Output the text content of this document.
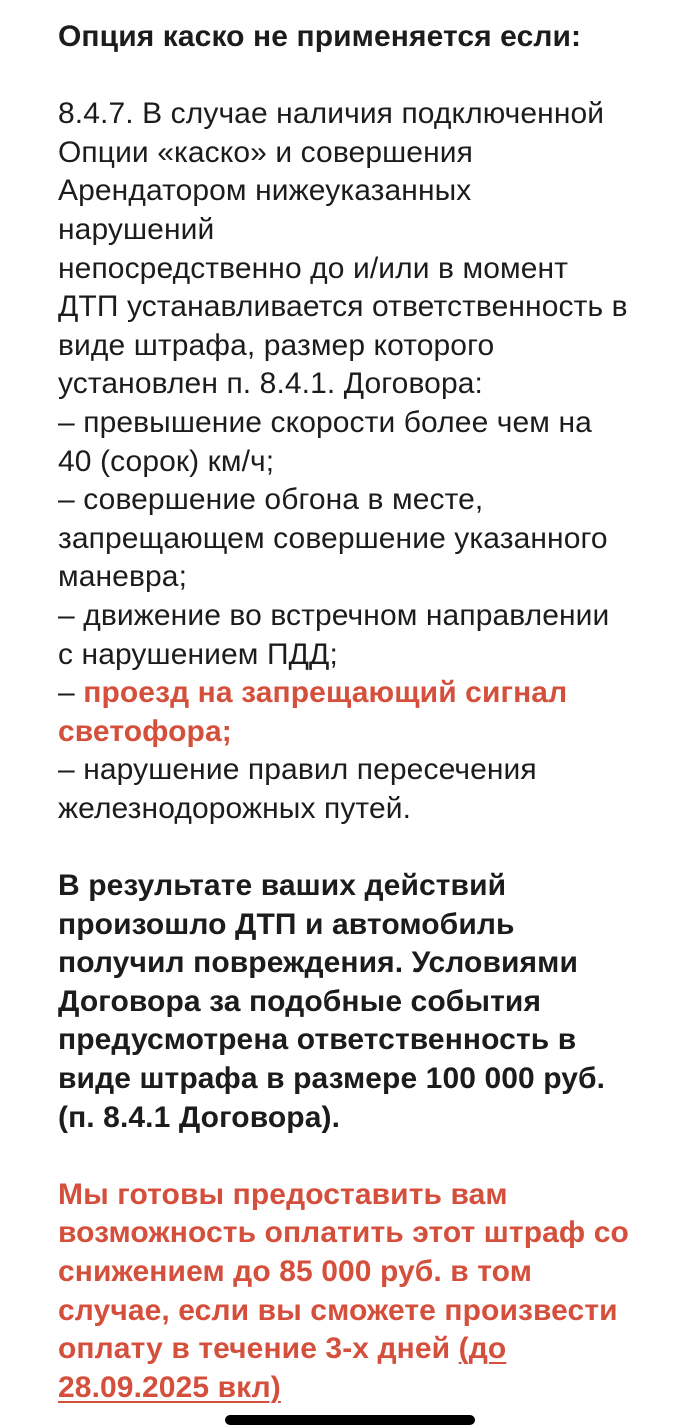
Опция каско не применяется если:
8.4.7. В случае наличия подключенной
Опции «каско» и совершения
Арендатором нижеуказанных
нарушений
непосредственно до и/или в момент
ДТП устанавливается ответственность в
виде штрафа, размер которого
установлен п. 8.4.1. Договора:
– превышение скорости более чем на
40 (сорок) км/ч;
– совершение обгона в месте,
запрещающем совершение указанного
маневра;
– движение во встречном направлении
с нарушением ПДД;
– проезд на запрещающий сигнал
светофора;
– нарушение правил пересечения
железнодорожных путей.
В результате ваших действий
произошло ДТП и автомобиль
получил повреждения. Условиями
Договора за подобные события
предусмотрена ответственность в
виде штрафа в размере 100 000 руб.
(п. 8.4.1 Договора).
Мы готовы предоставить вам
возможность оплатить этот штраф со
снижением до 85 000 руб. в том
случае, если вы сможете произвести
оплату в течение 3-х дней (до
28.09.2025 вкл)
